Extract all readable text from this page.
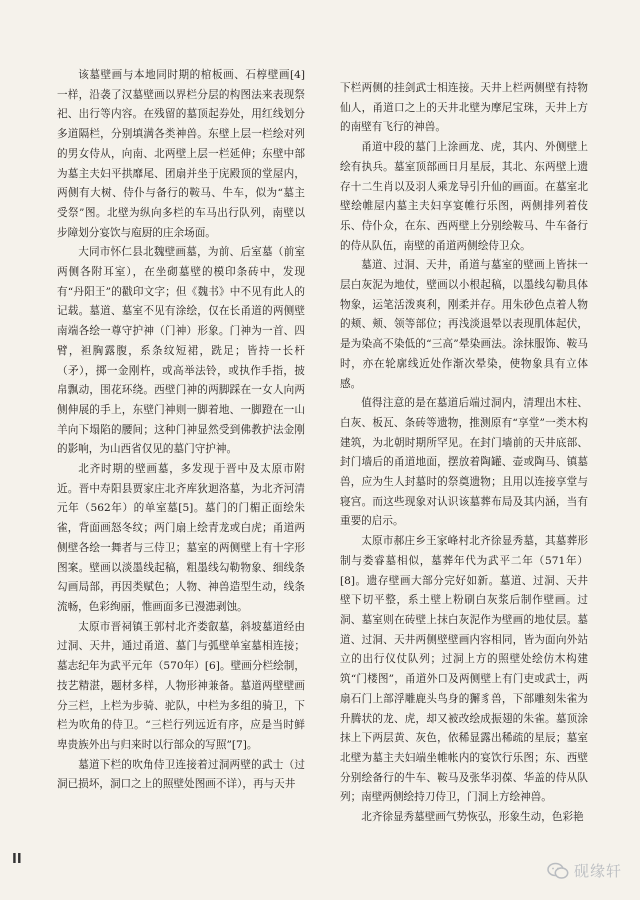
该墓壁画与本地同时期的棺板画、石椁壁画[4]一样，沿袭了汉墓壁画以界栏分层的构图法来表现祭祀、出行等内容。在残留的墓顶起券处，用红线划分多道隔栏，分别填满各类神兽。东壁上层一栏绘对列的男女侍从，向南、北两壁上层一栏延伸；东壁中部为墓主夫妇平拱靡尾、团扇并坐于庑殿顶的堂屋内，两侧有大树、侍仆与备行的鞍马、牛车，似为“墓主受祭”图。北壁为纵向多栏的车马出行队列，南壁以步障划分宴饮与庖厨的庄余场面。

大同市怀仁县北魏壁画墓，为前、后室墓（前室两侧各附耳室），在坐砌墓壁的模印条砖中，发现有“丹阳王”的戳印文字；但《魏书》中不见有此人的记载。墓道、墓室不见有涂绘，仅在长甬道的两侧壁南端各绘一尊守护神（门神）形象。门神为一首、四臂，袒胸露腹，系条纹短裙，跣足；皆持一长杆（矛），掷一金刚杵，或高举法铃，或执作手指，披帛飘动，围花环绕。西壁门神的两脚踩在一女人向两侧伸展的手上，东壁门神则一脚着地、一脚蹬在一山羊向下塌陷的腰间；这种门神显然受到佛教护法金刚的影响，为山西省仅见的墓门守护神。

北齐时期的壁画墓，多发现于晋中及太原市附近。晋中寿阳县贾家庄北齐库狄迴洛墓，为北齐河清元年（562年）的单室墓[5]。墓门的门楣正面绘朱雀，背面画怒冬纹；两门扇上绘青龙或白虎；甬道两侧壁各绘一舞者与三侍卫；墓室的两侧壁上有十字形图案。壁画以淡墨线起稿，粗墨线勾勒物象、细线条勾画局部，再因类赋色；人物、神兽造型生动，线条流畅，色彩绚丽，惟画面多已漫漶剥蚀。

太原市晋祠镇王郭村北齐娄叡墓，斜坡墓道经由过洞、天井，通过甬道、墓门与弧壁单室墓相连接；墓志纪年为武平元年（570年）[6]。壁画分栏绘制，技艺精湛，题材多样，人物形神兼备。墓道两壁壁画分三栏，上栏为步骑、驼队，中栏为多组的骑卫，下栏为吹角的侍卫。“三栏行列远近有序，应是当时鲜卑贵族外出与归来时以行部众的写照”[7]。

墓道下栏的吹角侍卫连接着过洞两壁的武士（过洞已损坏，洞口之上的照壁处图画不详），再与天井

下栏两侧的挂剑武士相连接。天井上栏两侧壁有持物仙人，甬道口之上的天井北壁为摩尼宝珠，天井上方的南壁有飞行的神兽。

甬道中段的墓门上涂画龙、虎，其内、外侧壁上绘有执兵。墓室顶部画日月星辰，其北、东两壁上遗存十二生肖以及羽人乘龙导引升仙的画面。在墓室北壁绘帷屋内墓主夫妇享宴帷行乐图，两侧排列着伎乐、侍仆众，在东、西两壁上分别绘鞍马、牛车备行的侍从队伍，南壁的甬道两侧绘侍卫众。

墓道、过洞、天井，甬道与墓室的壁画上皆抹一层白灰泥为地仗，壁画以小根起稿，以墨线勾勒具体物象，运笔活泼爽利，刚柔并存。用朱砂色点着人物的颊、颊、领等部位；再浅淡退晕以表现肌体起伏，是为染高不染低的“三高”晕染画法。涂抹服饰、鞍马时，亦在轮廓线近处作渐次晕染，使物象具有立体感。

值得注意的是在墓道后端过洞内，清理出木柱、白灰、板瓦、条砖等遗物，推测原有“享堂”一类木构建筑，为北朝时期所罕见。在封门墙前的天井底部、封门墙后的甬道地面，摆放着陶罐、壶或陶马、镇墓兽，应为生人封墓时的祭奠遗物；且用以连接享堂与寝宫。而这些现象对认识该墓葬布局及其内涵，当有重要的启示。

太原市郝庄乡王家峰村北齐徐显秀墓，其墓葬形制与娄睿墓相似，墓葬年代为武平二年（571年）[8]。遗存壁画大部分完好如新。墓道、过洞、天井壁下切平整，系土壁上粉刷白灰浆后制作壁画。过洞、墓室则在砖壁上抹白灰泥作为壁画的地仗层。墓道、过洞、天井两侧壁壁画内容相同，皆为面向外站立的出行仪仗队列；过洞上方的照壁处绘仿木构建筑“门楼图”，甬道外口及两侧壁上有门吏或武士，两扇石门上部浮雕鹿头鸟身的獬豸兽，下部雕刻朱雀为升腾状的龙、虎，却又被改绘成振翅的朱雀。墓顶涂抹上下两层黄、灰色，依稀显露出稀疏的星辰；墓室北壁为墓主夫妇端坐帷帐内的宴饮行乐图；东、西壁分别绘备行的牛车、鞍马及张华羽葆、华盖的侍从队列；南壁两侧绘持刀侍卫，门洞上方绘神兽。

北齐徐显秀墓壁画气势恢弘，形象生动，色彩艳

II
砚缘轩
